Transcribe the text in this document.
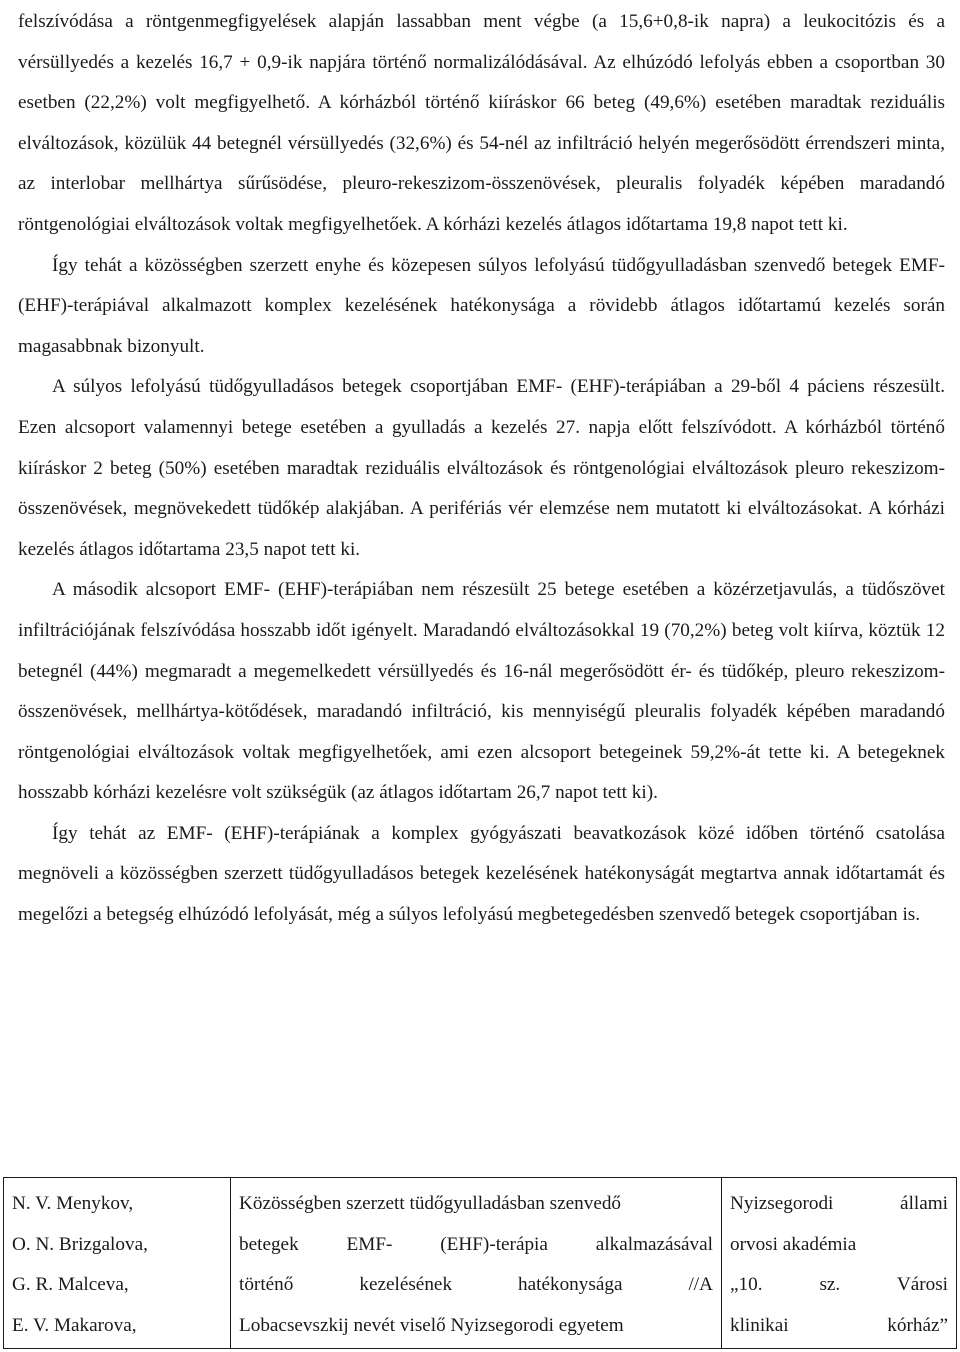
felszívódása a röntgenmegfigyelések alapján lassabban ment végbe (a 15,6+0,8-ik napra) a leukocitózis és a vérsüllyedés a kezelés 16,7 + 0,9-ik napjára történő normalizálódásával. Az elhúzódó lefolyás ebben a csoportban 30 esetben (22,2%) volt megfigyelhető. A kórházból történő kiíráskor 66 beteg (49,6%) esetében maradtak reziduális elváltozások, közülük 44 betegnél vérsüllyedés (32,6%) és 54-nél az infiltráció helyén megerősödött érrendszeri minta, az interlobar mellhártya sűrűsödése, pleuro-rekeszizom-összenövések, pleuralis folyadék képében maradandó röntgenológiai elváltozások voltak megfigyelhetőek. A kórházi kezelés átlagos időtartama 19,8 napot tett ki.

Így tehát a közösségben szerzett enyhe és közepesen súlyos lefolyású tüdőgyulladásban szenvedő betegek EMF- (EHF)-terápiával alkalmazott komplex kezelésének hatékonysága a rövidebb átlagos időtartamú kezelés során magasabbnak bizonyult.

A súlyos lefolyású tüdőgyulladásos betegek csoportjában EMF- (EHF)-terápiában a 29-ből 4 páciens részesült. Ezen alcsoport valamennyi betege esetében a gyulladás a kezelés 27. napja előtt felszívódott. A kórházból történő kiíráskor 2 beteg (50%) esetében maradtak reziduális elváltozások és röntgenológiai elváltozások pleuro rekeszizom-összenövések, megnövekedett tüdőkép alakjában. A perifériás vér elemzése nem mutatott ki elváltozásokat. A kórházi kezelés átlagos időtartama 23,5 napot tett ki.

A második alcsoport EMF- (EHF)-terápiában nem részesült 25 betege esetében a közérzetjavulás, a tüdőszövet infiltrációjának felszívódása hosszabb időt igényelt. Maradandó elváltozásokkal 19 (70,2%) beteg volt kiírva, köztük 12 betegnél (44%) megmaradt a megemelkedett vérsüllyedés és 16-nál megerősödött ér- és tüdőkép, pleuro rekeszizom-összenövések, mellhártya-kötődések, maradandó infiltráció, kis mennyiségű pleuralis folyadék képében maradandó röntgenológiai elváltozások voltak megfigyelhetőek, ami ezen alcsoport betegeinek 59,2%-át tette ki. A betegeknek hosszabb kórházi kezelésre volt szükségük (az átlagos időtartam 26,7 napot tett ki).

Így tehát az EMF- (EHF)-terápiának a komplex gyógyászati beavatkozások közé időben történő csatolása megnöveli a közösségben szerzett tüdőgyulladásos betegek kezelésének hatékonyságát megtartva annak időtartamát és megelőzi a betegség elhúzódó lefolyását, még a súlyos lefolyású megbetegedésben szenvedő betegek csoportjában is.

N. V. Menykov,
O. N. Brizgalova,
G. R. Malceva,
E. V. Makarova,

Közösségben szerzett tüdőgyulladásban szenvedő
betegek EMF- (EHF)-terápia alkalmazásával
történő kezelésének hatékonysága //A
Lobacsevszkij nevét viselő Nyizsegorodi egyetem

Nyizsegorodi állami
orvosi akadémia
„10. sz. Városi
klinikai kórház”
